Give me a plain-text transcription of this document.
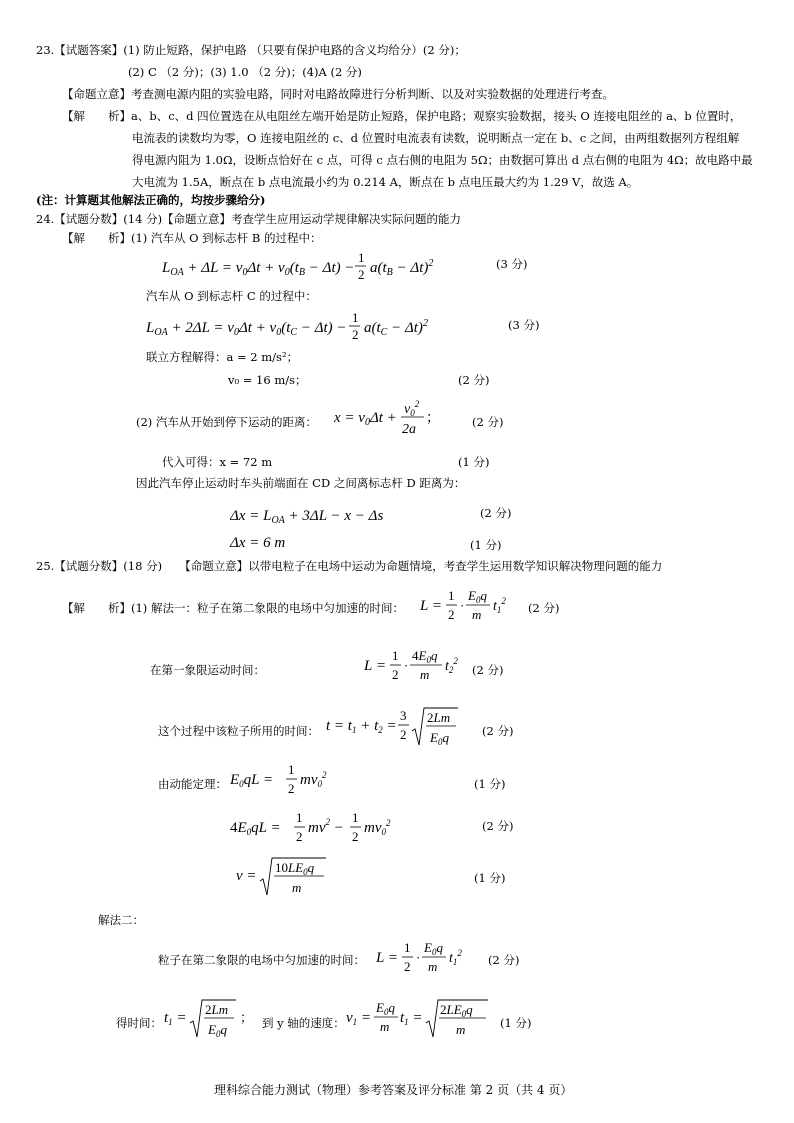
23.【试题答案】(1) 防止短路，保护电路 （只要有保护电路的含义均给分）(2 分)；
(2) C （2 分)；(3) 1.0 （2 分)；(4)A (2 分)
【命题立意】考查测电源内阻的实验电路，同时对电路故障进行分析判断、以及对实验数据的处理进行考查。
【解　　析】a、b、c、d 四位置选在从电阻丝左端开始是防止短路，保护电路；观察实验数据，接头 O 连接电阻丝的 a、b 位置时，
电流表的读数均为零，O 连接电阻丝的 c、d 位置时电流表有读数，说明断点一定在 b、c 之间，由两组数据列方程组解
得电源内阻为 1.0Ω，设断点恰好在 c 点，可得 c 点右侧的电阻为 5Ω；由数据可算出 d 点右侧的电阻为 4Ω；故电路中最
大电流为 1.5A，断点在 b 点电流最小约为 0.214 A，断点在 b 点电压最大约为 1.29 V，故选 A。
(注：计算题其他解法正确的，均按步骤给分)
24.【试题分数】(14 分)【命题立意】考查学生应用运动学规律解决实际问题的能力
【解　　析】(1) 汽车从 O 到标志杆 B 的过程中：
$L_{OA} + \Delta L = v_0\Delta t + v_0(t_B - \Delta t)$ −
1
2 $a(t_B - \Delta t)^2$	(3 分)
汽车从 O 到标志杆 C 的过程中：
$L_{OA} + 2\Delta L = v_0\Delta t + v_0(t_C - \Delta t)$ −
1
2 $a(t_C - \Delta t)^2$	(3 分)
联立方程解得：a = 2 m/s²；
v₀ = 16 m/s；	(2 分)
(2) 汽车从开始到停下运动的距离： $x = v_0\Delta t$ +
$v_0^2$
2a
；	(2 分)
代入可得：x = 72 m	(1 分)
因此汽车停止运动时车头前端面在 CD 之间离标志杆 D 距离为：
$\Delta x = L_{OA} + 3\Delta L - x - \Delta s$	(2 分)
Δx = 6 m	(1 分)
25.【试题分数】(18 分)　　【命题立意】以带电粒子在电场中运动为命题情境，考查学生运用数学知识解决物理问题的能力
【解　　析】(1) 解法一：粒子在第二象限的电场中匀加速的时间： L =
1
2
·
$E_0q$
m
$t_1^2$ (2 分)
在第一象限运动时间：	L =
1
2
·
$4E_0q$
m
$t_2^2$
(2 分)
这个过程中该粒子所用的时间： $t = t_1 + t_2$ =
3
2
2Lm
$E_0q$	(2 分)
由动能定理： $E_0qL$ =
1
2
$mv_0^2$
(1 分)
$4E_0qL$ =
1
2
$mv^2$ −
1
2
$mv_0^2$	(2 分)
v =
$10LE_0q$
m
(1 分)
解法二：
粒子在第二象限的电场中匀加速的时间： L =
1
2
·
$E_0q$
m
$t_1^2$ (2 分)
得时间： $t_1$ =
2Lm
$E_0q$
； 到 y 轴的速度： $v_1$ =
$E_0q$
m
$t_1$ =
$2LE_0q$
m	(1 分)
理科综合能力测试（物理）参考答案及评分标准 第 2 页（共 4 页）
